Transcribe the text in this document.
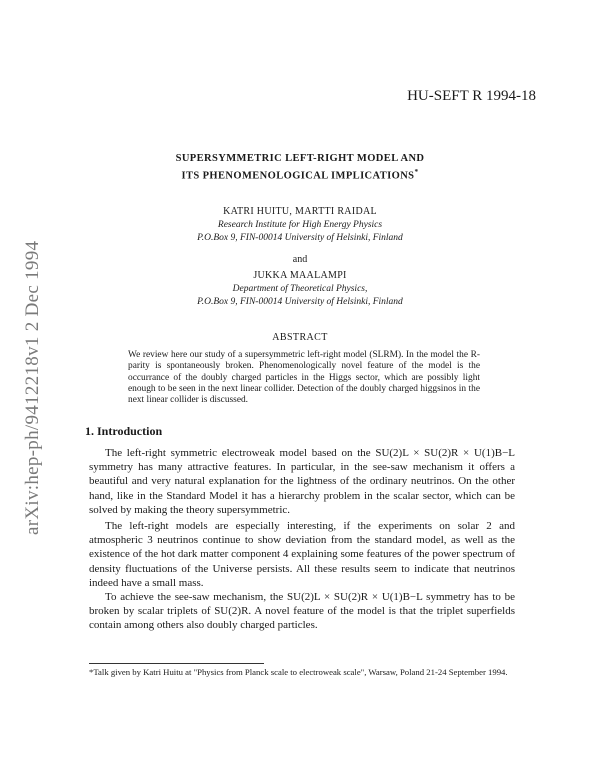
arXiv:hep-ph/9412218v1 2 Dec 1994
HU-SEFT R 1994-18
SUPERSYMMETRIC LEFT-RIGHT MODEL AND
ITS PHENOMENOLOGICAL IMPLICATIONS*
KATRI HUITU, MARTTI RAIDAL
Research Institute for High Energy Physics
P.O.Box 9, FIN-00014 University of Helsinki, Finland
and
JUKKA MAALAMPI
Department of Theoretical Physics,
P.O.Box 9, FIN-00014 University of Helsinki, Finland
ABSTRACT
We review here our study of a supersymmetric left-right model (SLRM). In the model the R-parity is spontaneously broken. Phenomenologically novel feature of the model is the occurrance of the doubly charged particles in the Higgs sector, which are possibly light enough to be seen in the next linear collider. Detection of the doubly charged higgsinos in the next linear collider is discussed.
1. Introduction
The left-right symmetric electroweak model based on the SU(2)L × SU(2)R × U(1)B−L symmetry has many attractive features. In particular, in the see-saw mechanism it offers a beautiful and very natural explanation for the lightness of the ordinary neutrinos. On the other hand, like in the Standard Model it has a hierarchy problem in the scalar sector, which can be solved by making the theory supersymmetric.
The left-right models are especially interesting, if the experiments on solar 2 and atmospheric 3 neutrinos continue to show deviation from the standard model, as well as the existence of the hot dark matter component 4 explaining some features of the power spectrum of density fluctuations of the Universe persists. All these results seem to indicate that neutrinos indeed have a small mass.
To achieve the see-saw mechanism, the SU(2)L × SU(2)R × U(1)B−L symmetry has to be broken by scalar triplets of SU(2)R. A novel feature of the model is that the triplet superfields contain among others also doubly charged particles.
*Talk given by Katri Huitu at "Physics from Planck scale to electroweak scale", Warsaw, Poland 21-24 September 1994.
